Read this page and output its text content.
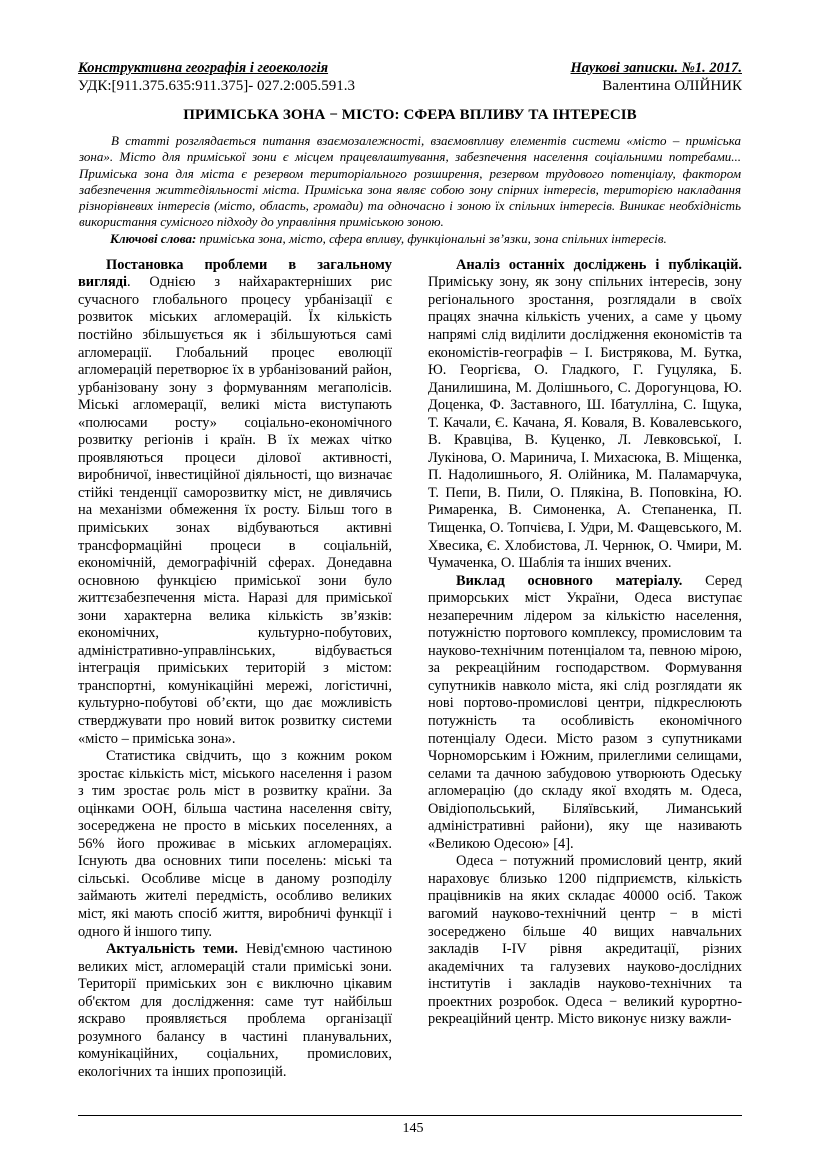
Конструктивна географія і геоекологія	Наукові записки. №1. 2017.
УДК:[911.375.635:911.375]- 027.2:005.591.3	Валентина ОЛІЙНИК
ПРИМІСЬКА ЗОНА − МІСТО: СФЕРА ВПЛИВУ ТА ІНТЕРЕСІВ

В статті розглядається питання взаємозалежності, взаємовпливу елементів системи «місто – приміська зона». Місто для приміської зони є місцем працевлаштування, забезпечення населення соціальними потребами... Приміська зона для міста є резервом територіального розширення, резервом трудового потенціалу, фактором забезпечення життєдіяльності міста. Приміська зона являє собою зону спірних інтересів, територією накладання різнорівневих інтересів (місто, область, громади) та одночасно і зоною їх спільних інтересів. Виникає необхідність використання сумісного підходу до управління приміською зоною.

Ключові слова: приміська зона, місто, сфера впливу, функціональні зв’язки, зона спільних інтересів.

Постановка проблеми в загальному вигляді. Однією з найхарактерніших рис сучасного глобального процесу урбанізації є розвиток міських агломерацій. Їх кількість постійно збільшується як і збільшуються самі агломерації. Глобальний процес еволюції агломерацій перетворює їх в урбанізований район, урбанізовану зону з формуванням мегаполісів. Міські агломерації, великі міста виступають «полюсами росту» соціально-економічного розвитку регіонів і країн. В їх межах чітко проявляються процеси ділової активності, виробничої, інвестиційної діяльності, що визначає стійкі тенденції саморозвитку міст, не дивлячись на механізми обмеження їх росту. Більш того в приміських зонах відбуваються активні трансформаційні процеси в соціальній, економічній, демографічній сферах. Донедавна основною функцією приміської зони було життєзабезпечення міста. Наразі для приміської зони характерна велика кількість зв’язків: економічних, культурно-побутових, адміністративно-управлінських, відбувається інтеграція приміських територій з містом: транспортні, комунікаційні мережі, логістичні, культурно-побутові об’єкти, що дає можливість стверджувати про новий виток розвитку системи «місто – приміська зона».

Статистика свідчить, що з кожним роком зростає кількість міст, міського населення і разом з тим зростає роль міст в розвитку країни. За оцінками ООН, більша частина населення світу, зосереджена не просто в міських поселеннях, а 56% його проживає в міських агломераціях. Існують два основних типи поселень: міські та сільські. Особливе місце в даному розподілу займають жителі передмість, особливо великих міст, які мають спосіб життя, виробничі функції і одного й іншого типу.

Актуальність теми. Невід'ємною частиною великих міст, агломерацій стали приміські зони. Території приміських зон є виключно цікавим об'єктом для дослідження: саме тут найбільш яскраво проявляється проблема організації розумного балансу в частині планувальних, комунікаційних, соціальних, промислових, екологічних та інших пропозицій.

Аналіз останніх досліджень і публікацій. Приміську зону, як зону спільних інтересів, зону регіонального зростання, розглядали в своїх працях значна кількість учених, а саме у цьому напрямі слід виділити дослідження економістів та економістів-географів – І. Бистрякова, М. Бутка, Ю. Георгієва, О. Гладкого, Г. Гуцуляка, Б. Данилишина, М. Долішнього, С. Дорогунцова, Ю. Доценка, Ф. Заставного, Ш. Ібатулліна, С. Іщука, Т. Качали, Є. Качана, Я. Коваля, В. Ковалевського, В. Кравціва, В. Куценко, Л. Левковської, І. Лукінова, О. Маринича, І. Михасюка, В. Міщенка, П. Надолишнього, Я. Олійника, М. Паламарчука, Т. Пепи, В. Пили, О. Плякіна, В. Поповкіна, Ю. Римаренка, В. Симоненка, А. Степаненка, П. Тищенка, О. Топчієва, І. Удри, М. Фащевського, М. Хвесика, Є. Хлобистова, Л. Чернюк, О. Чмири, М. Чумаченка, О. Шаблія та інших вчених.

Виклад основного матеріалу. Серед приморських міст України, Одеса виступає незаперечним лідером за кількістю населення, потужністю портового комплексу, промисловим та науково-технічним потенціалом та, певною мірою, за рекреаційним господарством. Формування супутників навколо міста, які слід розглядати як нові портово-промислові центри, підкреслюють потужність та особливість економічного потенціалу Одеси. Місто разом з супутниками Чорноморським і Южним, прилеглими селищами, селами та дачною забудовою утворюють Одеську агломерацію (до складу якої входять м. Одеса, Овідіопольський, Біляївський, Лиманський адміністративні райони), яку ще називають «Великою Одесою» [4].

Одеса − потужний промисловий центр, який нараховує близько 1200 підприємств, кількість працівників на яких складає 40000 осіб. Також вагомий науково-технічний центр − в місті зосереджено більше 40 вищих навчальних закладів І-ІV рівня акредитації, різних академічних та галузевих науково-дослідних інститутів і закладів науково-технічних та проектних розробок. Одеса − великий курортно-рекреаційний центр. Місто виконує низку важли-

145
